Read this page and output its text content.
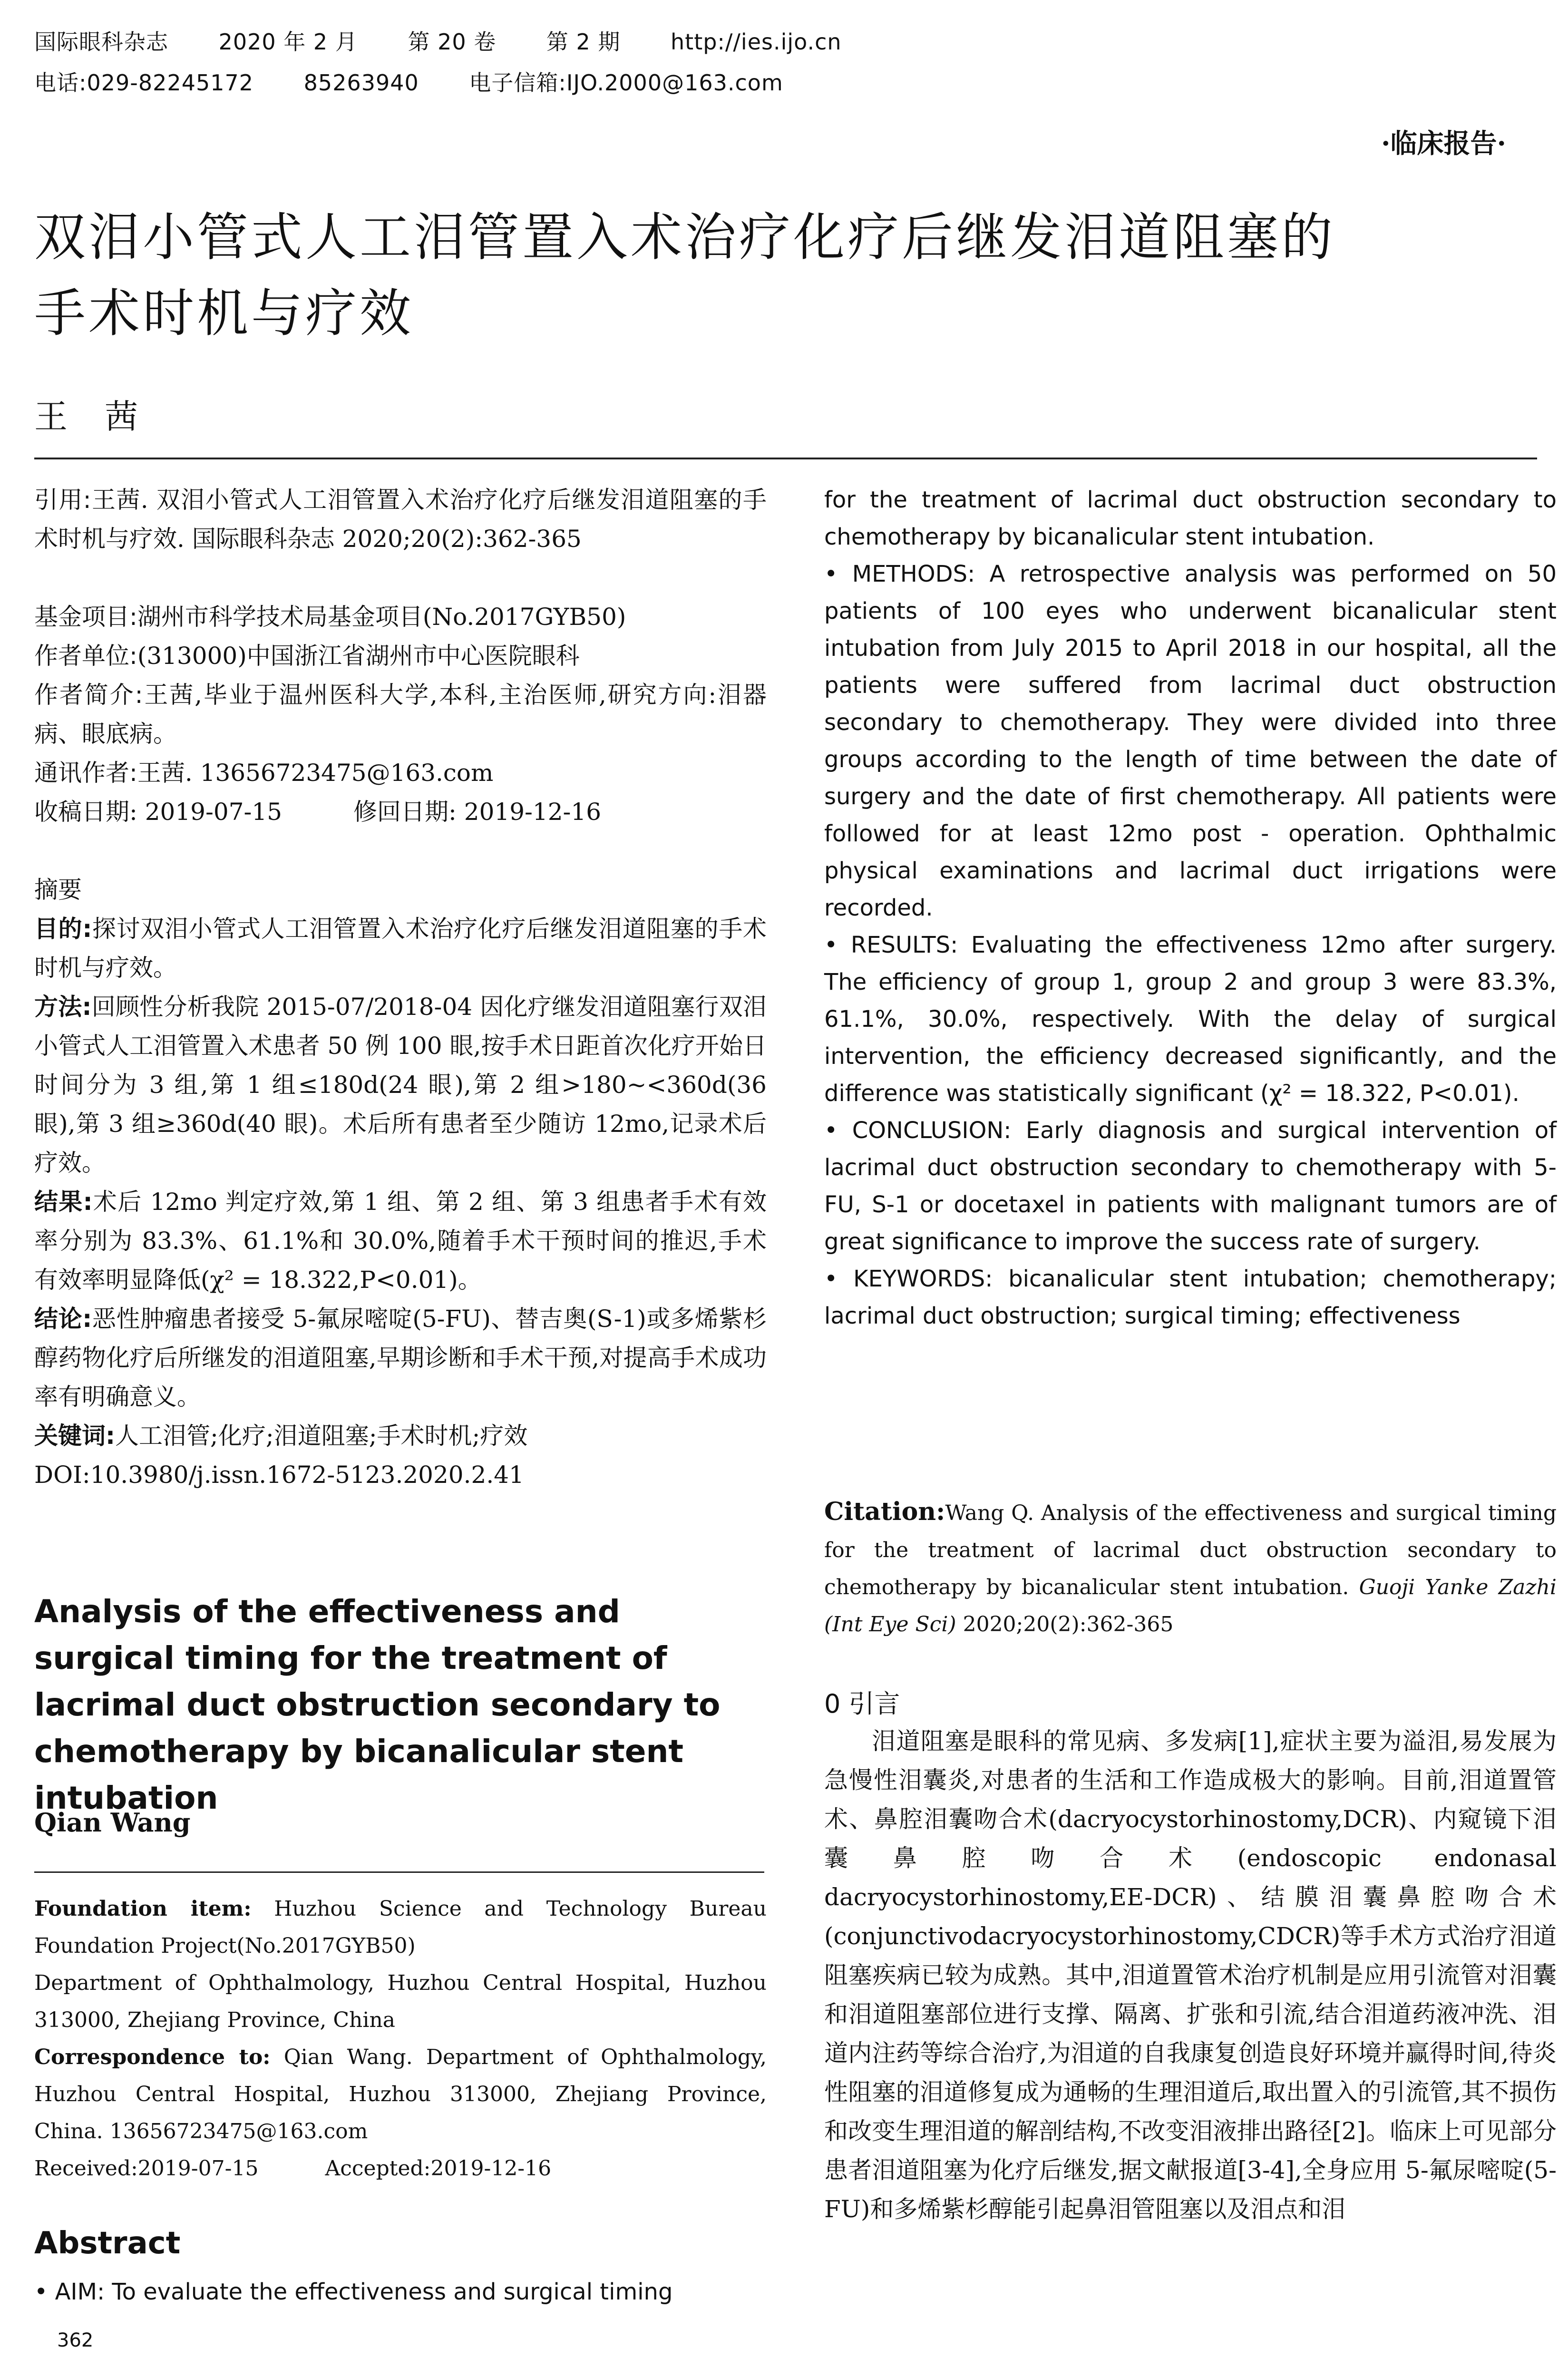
国际眼科杂志 2020 年 2 月 第 20 卷 第 2 期 http://ies.ijo.cn
电话:029-82245172 85263940 电子信箱:IJO.2000@163.com
·临床报告·
双泪小管式人工泪管置入术治疗化疗后继发泪道阻塞的
手术时机与疗效
王　茜

引用:王茜. 双泪小管式人工泪管置入术治疗化疗后继发泪道阻塞的手术时机与疗效. 国际眼科杂志 2020;20(2):362-365

基金项目:湖州市科学技术局基金项目(No.2017GYB50)

作者单位:(313000)中国浙江省湖州市中心医院眼科

作者简介:王茜,毕业于温州医科大学,本科,主治医师,研究方向:泪器病、眼底病。

通讯作者:王茜. 13656723475@163.com

收稿日期: 2019-07-15	修回日期: 2019-12-16

摘要

目的:探讨双泪小管式人工泪管置入术治疗化疗后继发泪道阻塞的手术时机与疗效。

方法:回顾性分析我院 2015-07/2018-04 因化疗继发泪道阻塞行双泪小管式人工泪管置入术患者 50 例 100 眼,按手术日距首次化疗开始日时间分为 3 组,第 1 组≤180d(24 眼),第 2 组>180~<360d(36 眼),第 3 组≥360d(40 眼)。术后所有患者至少随访 12mo,记录术后疗效。

结果:术后 12mo 判定疗效,第 1 组、第 2 组、第 3 组患者手术有效率分别为 83.3%、61.1%和 30.0%,随着手术干预时间的推迟,手术有效率明显降低(χ² = 18.322,P<0.01)。

结论:恶性肿瘤患者接受 5-氟尿嘧啶(5-FU)、替吉奥(S-1)或多烯紫杉醇药物化疗后所继发的泪道阻塞,早期诊断和手术干预,对提高手术成功率有明确意义。

关键词:人工泪管;化疗;泪道阻塞;手术时机;疗效

DOI:10.3980/j.issn.1672-5123.2020.2.41

Analysis of the effectiveness and surgical timing for the treatment of lacrimal duct obstruction secondary to chemotherapy by bicanalicular stent intubation
Qian Wang

Foundation item: Huzhou Science and Technology Bureau Foundation Project(No.2017GYB50)

Department of Ophthalmology, Huzhou Central Hospital, Huzhou 313000, Zhejiang Province, China

Correspondence to: Qian Wang. Department of Ophthalmology, Huzhou Central Hospital, Huzhou 313000, Zhejiang Province, China. 13656723475@163.com

Received:2019-07-15	Accepted:2019-12-16

Abstract
• AIM: To evaluate the effectiveness and surgical timing
362

for the treatment of lacrimal duct obstruction secondary to chemotherapy by bicanalicular stent intubation.

• METHODS: A retrospective analysis was performed on 50 patients of 100 eyes who underwent bicanalicular stent intubation from July 2015 to April 2018 in our hospital, all the patients were suffered from lacrimal duct obstruction secondary to chemotherapy. They were divided into three groups according to the length of time between the date of surgery and the date of first chemotherapy. All patients were followed for at least 12mo post - operation. Ophthalmic physical examinations and lacrimal duct irrigations were recorded.

• RESULTS: Evaluating the effectiveness 12mo after surgery. The efficiency of group 1, group 2 and group 3 were 83.3%, 61.1%, 30.0%, respectively. With the delay of surgical intervention, the efficiency decreased significantly, and the difference was statistically significant (χ² = 18.322, P<0.01).

• CONCLUSION: Early diagnosis and surgical intervention of lacrimal duct obstruction secondary to chemotherapy with 5-FU, S-1 or docetaxel in patients with malignant tumors are of great significance to improve the success rate of surgery.

• KEYWORDS: bicanalicular stent intubation; chemotherapy; lacrimal duct obstruction; surgical timing; effectiveness

Citation:Wang Q. Analysis of the effectiveness and surgical timing for the treatment of lacrimal duct obstruction secondary to chemotherapy by bicanalicular stent intubation. Guoji Yanke Zazhi (Int Eye Sci) 2020;20(2):362-365
0 引言
泪道阻塞是眼科的常见病、多发病[1],症状主要为溢泪,易发展为急慢性泪囊炎,对患者的生活和工作造成极大的影响。目前,泪道置管术、鼻腔泪囊吻合术(dacryocystorhinostomy,DCR)、内窥镜下泪囊鼻腔吻合术(endoscopic endonasal dacryocystorhinostomy,EE-DCR)、结膜泪囊鼻腔吻合术(conjunctivodacryocystorhinostomy,CDCR)等手术方式治疗泪道阻塞疾病已较为成熟。其中,泪道置管术治疗机制是应用引流管对泪囊和泪道阻塞部位进行支撑、隔离、扩张和引流,结合泪道药液冲洗、泪道内注药等综合治疗,为泪道的自我康复创造良好环境并赢得时间,待炎性阻塞的泪道修复成为通畅的生理泪道后,取出置入的引流管,其不损伤和改变生理泪道的解剖结构,不改变泪液排出路径[2]。临床上可见部分患者泪道阻塞为化疗后继发,据文献报道[3-4],全身应用 5-氟尿嘧啶(5-FU)和多烯紫杉醇能引起鼻泪管阻塞以及泪点和泪
